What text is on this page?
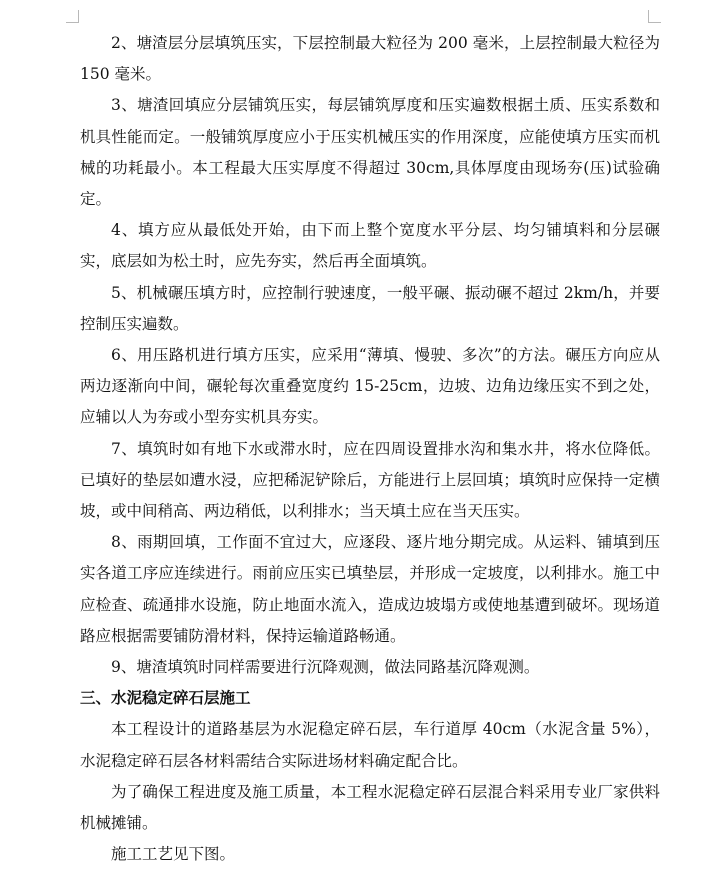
2、塘渣层分层填筑压实，下层控制最大粒径为 200 毫米，上层控制最大粒径为 150 毫米。

3、塘渣回填应分层铺筑压实，每层铺筑厚度和压实遍数根据土质、压实系数和机具性能而定。一般铺筑厚度应小于压实机械压实的作用深度，应能使填方压实而机械的功耗最小。本工程最大压实厚度不得超过 30cm,具体厚度由现场夯(压)试验确定。

4、填方应从最低处开始，由下而上整个宽度水平分层、均匀铺填料和分层碾实，底层如为松土时，应先夯实，然后再全面填筑。

5、机械碾压填方时，应控制行驶速度，一般平碾、振动碾不超过 2km/h，并要控制压实遍数。

6、用压路机进行填方压实，应采用“薄填、慢驶、多次”的方法。碾压方向应从两边逐渐向中间，碾轮每次重叠宽度约 15-25cm，边坡、边角边缘压实不到之处，应辅以人为夯或小型夯实机具夯实。

7、填筑时如有地下水或滞水时，应在四周设置排水沟和集水井，将水位降低。已填好的垫层如遭水浸，应把稀泥铲除后，方能进行上层回填；填筑时应保持一定横坡，或中间稍高、两边稍低，以利排水；当天填土应在当天压实。

8、雨期回填，工作面不宜过大，应逐段、逐片地分期完成。从运料、铺填到压实各道工序应连续进行。雨前应压实已填垫层，并形成一定坡度，以利排水。施工中应检查、疏通排水设施，防止地面水流入，造成边坡塌方或使地基遭到破坏。现场道路应根据需要铺防滑材料，保持运输道路畅通。

9、塘渣填筑时同样需要进行沉降观测，做法同路基沉降观测。

三、水泥稳定碎石层施工

本工程设计的道路基层为水泥稳定碎石层，车行道厚 40cm（水泥含量 5%），水泥稳定碎石层各材料需结合实际进场材料确定配合比。

为了确保工程进度及施工质量，本工程水泥稳定碎石层混合料采用专业厂家供料机械摊铺。

施工工艺见下图。
